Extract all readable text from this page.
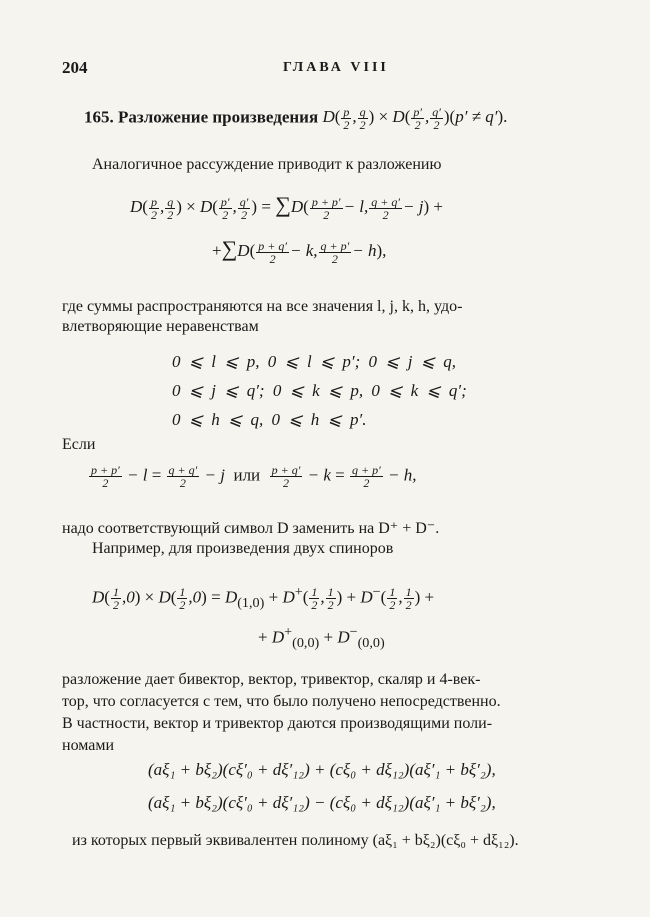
204	ГЛАВА VIII
165. Разложение произведения $D( \frac{p}{2}$ , $\frac{q}{2}$ ) × $D( \frac{p'}{2}$ , $\frac{q'}{2} )(p' \ne q')$.
Аналогичное рассуждение приводит к разложению
$D( \frac{p}{2}$ , $\frac{q}{2}$ ) × $D( \frac{p'}{2}$ , $\frac{q'}{2}$ ) = $\sum D( \frac{p + p'}{2} - l$, $\frac{q + q'}{2} - j$) +
$+\sum D( \frac{p + q'}{2} - k$, $\frac{q + p'}{2} - h$),
где суммы распространяются на все значения l, j, k, h, удо-
влетворяющие неравенствам
0 ⩽ l ⩽ p, 0 ⩽ l ⩽ p′; 0 ⩽ j ⩽ q,
0 ⩽ j ⩽ q′; 0 ⩽ k ⩽ p, 0 ⩽ k ⩽ q′;
0 ⩽ h ⩽ q, 0 ⩽ h ⩽ p′.
Если
$\frac{p + p'}{2} - l = \frac{q + q'}{2} - j$  или $\frac{p + q'}{2} - k = \frac{q + p'}{2} - h$,
надо соответствующий символ D заменить на D⁺ + D⁻.
Например, для произведения двух спиноров
$D( \frac{1}{2} ,0) \times D( \frac{1}{2} ,0) = D_{(1,0)} + D^+( \frac{1}{2}$ , $\frac{1}{2}$ ) + $D^-( \frac{1}{2}$ , $\frac{1}{2}$ ) +
+ $D^+_{(0,0)} + D^-_{(0,0)}$
разложение дает бивектор, вектор, тривектор, скаляр и 4-век-
тор, что согласуется с тем, что было получено непосредственно.
В частности, вектор и тривектор даются производящими поли-
номами
(aξ₁ + bξ₂)(cξ′₀ + dξ′₁₂) + (cξ₀ + dξ₁₂)(aξ′₁ + bξ′₂),
(aξ₁ + bξ₂)(cξ′₀ + dξ′₁₂) − (cξ₀ + dξ₁₂)(aξ′₁ + bξ′₂),
из которых первый эквивалентен полиному (aξ₁ + bξ₂)(cξ₀ + dξ₁₂).
